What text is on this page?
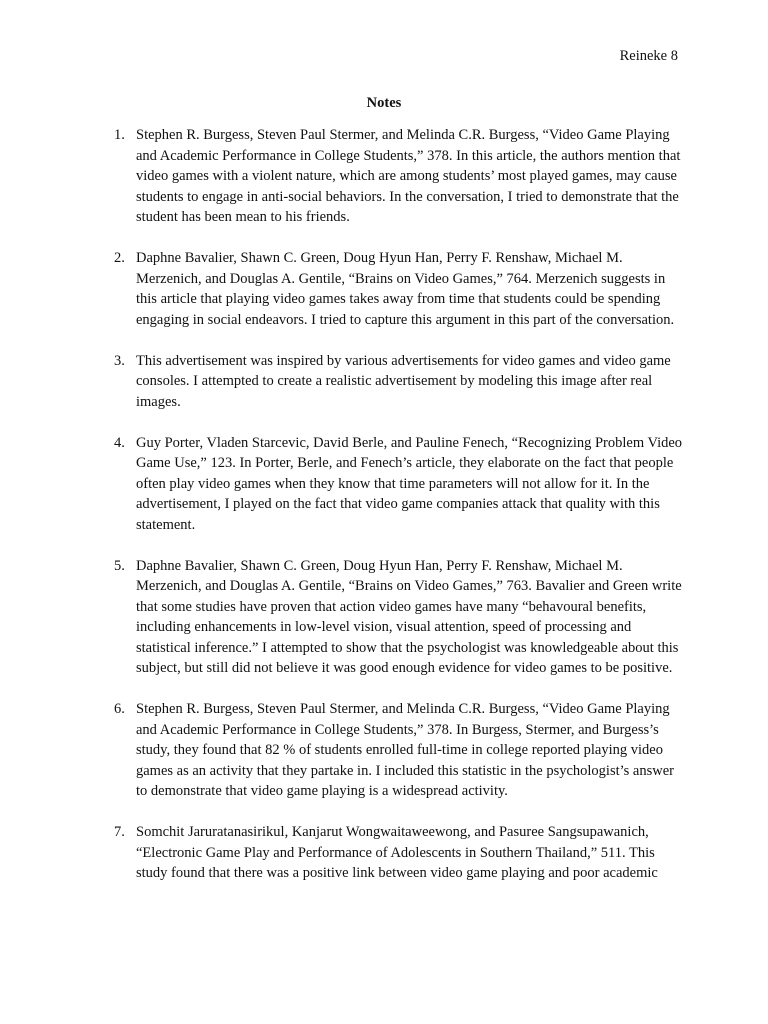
Reineke 8
Notes
1. Stephen R. Burgess, Steven Paul Stermer, and Melinda C.R. Burgess, “Video Game Playing and Academic Performance in College Students,” 378. In this article, the authors mention that video games with a violent nature, which are among students’ most played games, may cause students to engage in anti-social behaviors. In the conversation, I tried to demonstrate that the student has been mean to his friends.
2. Daphne Bavalier, Shawn C. Green, Doug Hyun Han, Perry F. Renshaw, Michael M. Merzenich, and Douglas A. Gentile, “Brains on Video Games,” 764. Merzenich suggests in this article that playing video games takes away from time that students could be spending engaging in social endeavors. I tried to capture this argument in this part of the conversation.
3. This advertisement was inspired by various advertisements for video games and video game consoles. I attempted to create a realistic advertisement by modeling this image after real images.
4. Guy Porter, Vladen Starcevic, David Berle, and Pauline Fenech, “Recognizing Problem Video Game Use,” 123. In Porter, Berle, and Fenech’s article, they elaborate on the fact that people often play video games when they know that time parameters will not allow for it. In the advertisement, I played on the fact that video game companies attack that quality with this statement.
5. Daphne Bavalier, Shawn C. Green, Doug Hyun Han, Perry F. Renshaw, Michael M. Merzenich, and Douglas A. Gentile, “Brains on Video Games,” 763. Bavalier and Green write that some studies have proven that action video games have many “behavoural benefits, including enhancements in low-level vision, visual attention, speed of processing and statistical inference.” I attempted to show that the psychologist was knowledgeable about this subject, but still did not believe it was good enough evidence for video games to be positive.
6. Stephen R. Burgess, Steven Paul Stermer, and Melinda C.R. Burgess, “Video Game Playing and Academic Performance in College Students,” 378. In Burgess, Stermer, and Burgess’s study, they found that 82 % of students enrolled full-time in college reported playing video games as an activity that they partake in. I included this statistic in the psychologist’s answer to demonstrate that video game playing is a widespread activity.
7. Somchit Jaruratanasirikul, Kanjarut Wongwaitaweewong, and Pasuree Sangsupawanich, “Electronic Game Play and Performance of Adolescents in Southern Thailand,” 511. This study found that there was a positive link between video game playing and poor academic
